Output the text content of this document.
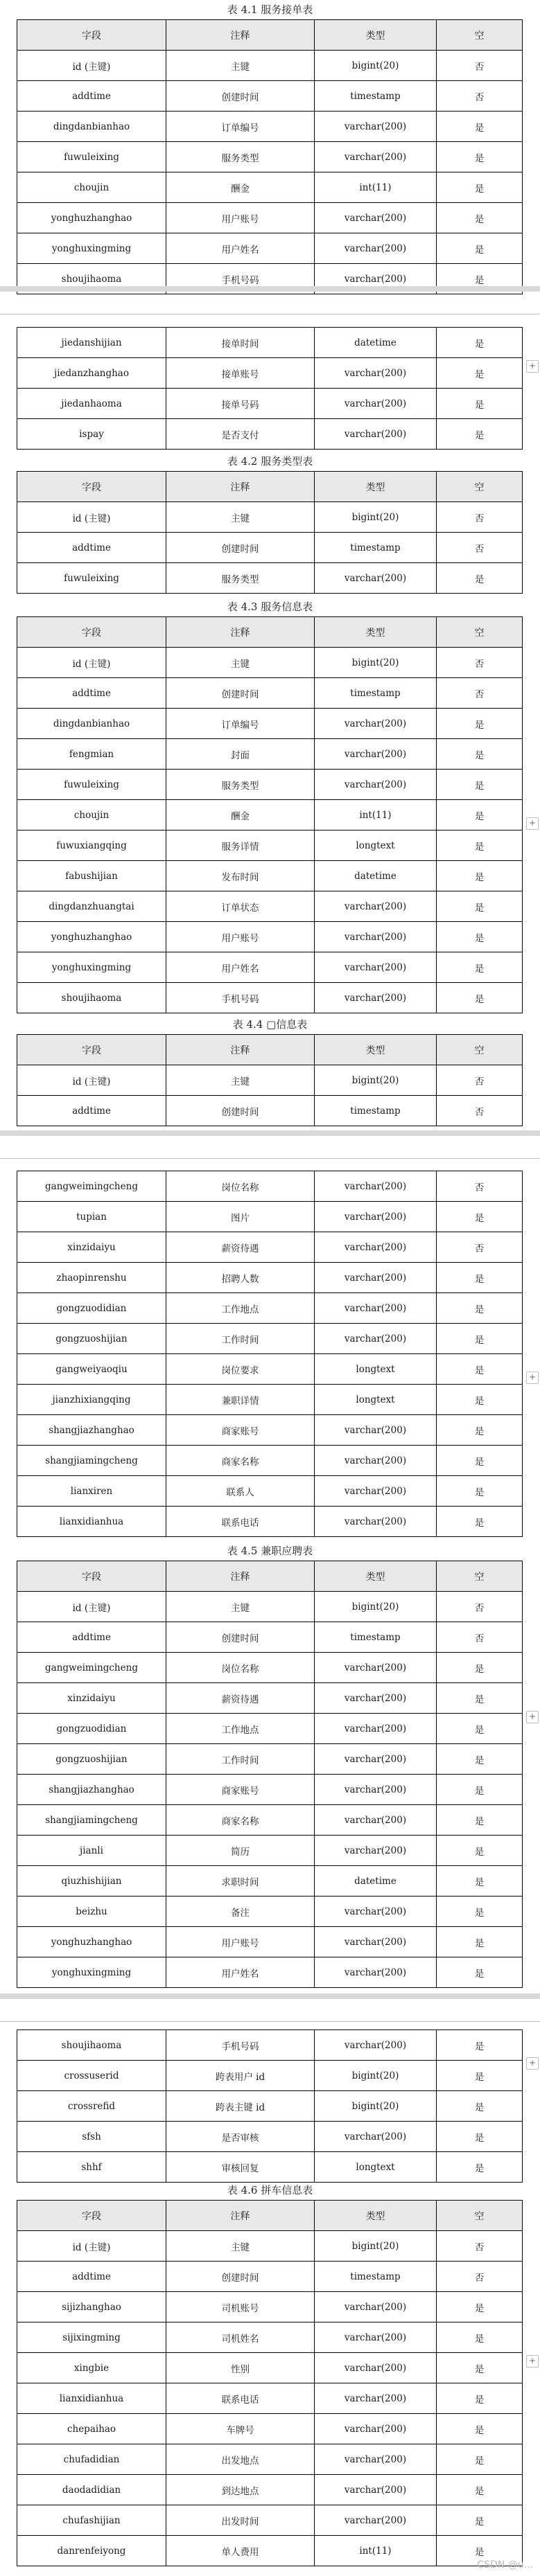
表 4.1 服务接单表
字段	注释	类型	空
id (主键)	主键	bigint(20)	否
addtime	创建时间	timestamp	否
dingdanbianhao	订单编号	varchar(200)	是
fuwuleixing	服务类型	varchar(200)	是
choujin	酬金	int(11)	是
yonghuzhanghao	用户账号	varchar(200)	是
yonghuxingming	用户姓名	varchar(200)	是
shoujihaoma	手机号码	varchar(200)	是
jiedanshijian	接单时间	datetime	是
jiedanzhanghao	接单账号	varchar(200)	是
jiedanhaoma	接单号码	varchar(200)	是
ispay	是否支付	varchar(200)	是
表 4.2 服务类型表
字段	注释	类型	空
id (主键)	主键	bigint(20)	否
addtime	创建时间	timestamp	否
fuwuleixing	服务类型	varchar(200)	是
表 4.3 服务信息表
字段	注释	类型	空
id (主键)	主键	bigint(20)	否
addtime	创建时间	timestamp	否
dingdanbianhao	订单编号	varchar(200)	是
fengmian	封面	varchar(200)	是
fuwuleixing	服务类型	varchar(200)	是
choujin	酬金	int(11)	是
fuwuxiangqing	服务详情	longtext	是
fabushijian	发布时间	datetime	是
dingdanzhuangtai	订单状态	varchar(200)	是
yonghuzhanghao	用户账号	varchar(200)	是
yonghuxingming	用户姓名	varchar(200)	是
shoujihaoma	手机号码	varchar(200)	是
表 4.4 ▢信息表
字段	注释	类型	空
id (主键)	主键	bigint(20)	否
addtime	创建时间	timestamp	否
gangweimingcheng	岗位名称	varchar(200)	否
tupian	图片	varchar(200)	是
xinzidaiyu	薪资待遇	varchar(200)	否
zhaopinrenshu	招聘人数	varchar(200)	是
gongzuodidian	工作地点	varchar(200)	是
gongzuoshijian	工作时间	varchar(200)	是
gangweiyaoqiu	岗位要求	longtext	是
jianzhixiangqing	兼职详情	longtext	是
shangjiazhanghao	商家账号	varchar(200)	是
shangjiamingcheng	商家名称	varchar(200)	是
lianxiren	联系人	varchar(200)	是
lianxidianhua	联系电话	varchar(200)	是
表 4.5 兼职应聘表
字段	注释	类型	空
id (主键)	主键	bigint(20)	否
addtime	创建时间	timestamp	否
gangweimingcheng	岗位名称	varchar(200)	是
xinzidaiyu	薪资待遇	varchar(200)	是
gongzuodidian	工作地点	varchar(200)	是
gongzuoshijian	工作时间	varchar(200)	是
shangjiazhanghao	商家账号	varchar(200)	是
shangjiamingcheng	商家名称	varchar(200)	是
jianli	简历	varchar(200)	是
qiuzhishijian	求职时间	datetime	是
beizhu	备注	varchar(200)	是
yonghuzhanghao	用户账号	varchar(200)	是
yonghuxingming	用户姓名	varchar(200)	是
shoujihaoma	手机号码	varchar(200)	是
crossuserid	跨表用户 id	bigint(20)	是
crossrefid	跨表主键 id	bigint(20)	是
sfsh	是否审核	varchar(200)	是
shhf	审核回复	longtext	是
表 4.6 拼车信息表
字段	注释	类型	空
id (主键)	主键	bigint(20)	否
addtime	创建时间	timestamp	否
sijizhanghao	司机账号	varchar(200)	是
sijixingming	司机姓名	varchar(200)	是
xingbie	性别	varchar(200)	是
lianxidianhua	联系电话	varchar(200)	是
chepaihao	车牌号	varchar(200)	是
chufadidian	出发地点	varchar(200)	是
daodadidian	到达地点	varchar(200)	是
chufashijian	出发时间	varchar(200)	是
danrenfeiyong	单人费用	int(11)	是
+
+
+
+
+
+
CSDN @u...
